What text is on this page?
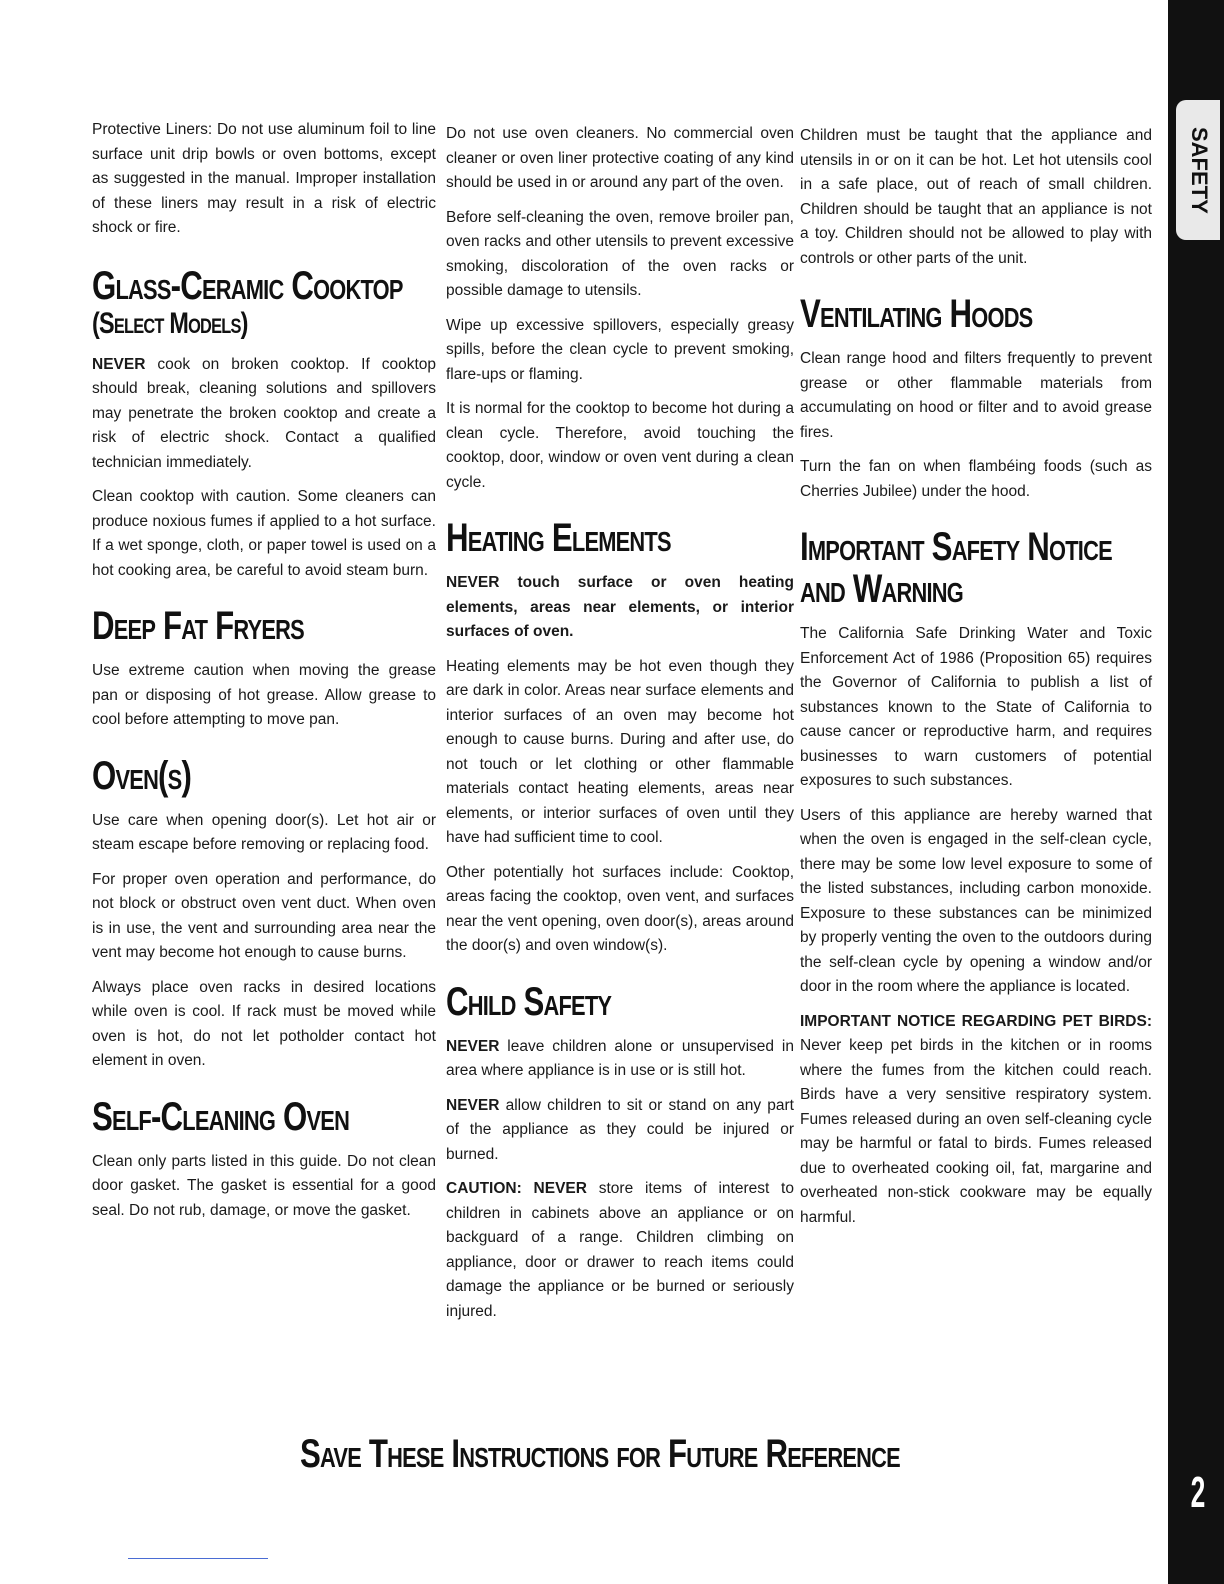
SAFETY
2

Protective Liners: Do not use aluminum foil to line surface unit drip bowls or oven bottoms, except as suggested in the manual. Improper installation of these liners may result in a risk of electric shock or fire.

Glass-Ceramic Cooktop
(Select Models)

NEVER cook on broken cooktop. If cooktop should break, cleaning solutions and spillovers may penetrate the broken cooktop and create a risk of electric shock. Contact a qualified technician immediately.

Clean cooktop with caution. Some cleaners can produce noxious fumes if applied to a hot surface. If a wet sponge, cloth, or paper towel is used on a hot cooking area, be careful to avoid steam burn.

Deep Fat Fryers

Use extreme caution when moving the grease pan or disposing of hot grease. Allow grease to cool before attempting to move pan.

Oven(s)

Use care when opening door(s). Let hot air or steam escape before removing or replacing food.

For proper oven operation and performance, do not block or obstruct oven vent duct. When oven is in use, the vent and surrounding area near the vent may become hot enough to cause burns.

Always place oven racks in desired locations while oven is cool. If rack must be moved while oven is hot, do not let potholder contact hot element in oven.

Self-Cleaning Oven

Clean only parts listed in this guide. Do not clean door gasket. The gasket is essential for a good seal. Do not rub, damage, or move the gasket.

Do not use oven cleaners. No commercial oven cleaner or oven liner protective coating of any kind should be used in or around any part of the oven.

Before self-cleaning the oven, remove broiler pan, oven racks and other utensils to prevent excessive smoking, discoloration of the oven racks or possible damage to utensils.

Wipe up excessive spillovers, especially greasy spills, before the clean cycle to prevent smoking, flare-ups or flaming.

It is normal for the cooktop to become hot during a clean cycle. Therefore, avoid touching the cooktop, door, window or oven vent during a clean cycle.

Heating Elements

NEVER touch surface or oven heating elements, areas near elements, or interior surfaces of oven.

Heating elements may be hot even though they are dark in color. Areas near surface elements and interior surfaces of an oven may become hot enough to cause burns. During and after use, do not touch or let clothing or other flammable materials contact heating elements, areas near elements, or interior surfaces of oven until they have had sufficient time to cool.

Other potentially hot surfaces include: Cooktop, areas facing the cooktop, oven vent, and surfaces near the vent opening, oven door(s), areas around the door(s) and oven window(s).

Child Safety

NEVER leave children alone or unsupervised in area where appliance is in use or is still hot.

NEVER allow children to sit or stand on any part of the appliance as they could be injured or burned.

CAUTION: NEVER store items of interest to children in cabinets above an appliance or on backguard of a range. Children climbing on appliance, door or drawer to reach items could damage the appliance or be burned or seriously injured.

Children must be taught that the appliance and utensils in or on it can be hot. Let hot utensils cool in a safe place, out of reach of small children. Children should be taught that an appliance is not a toy. Children should not be allowed to play with controls or other parts of the unit.

Ventilating Hoods

Clean range hood and filters frequently to prevent grease or other flammable materials from accumulating on hood or filter and to avoid grease fires.

Turn the fan on when flambéing foods (such as Cherries Jubilee) under the hood.

Important Safety Notice
and Warning

The California Safe Drinking Water and Toxic Enforcement Act of 1986 (Proposition 65) requires the Governor of California to publish a list of substances known to the State of California to cause cancer or reproductive harm, and requires businesses to warn customers of potential exposures to such substances.

Users of this appliance are hereby warned that when the oven is engaged in the self-clean cycle, there may be some low level exposure to some of the listed substances, including carbon monoxide. Exposure to these substances can be minimized by properly venting the oven to the outdoors during the self-clean cycle by opening a window and/or door in the room where the appliance is located.

IMPORTANT NOTICE REGARDING PET BIRDS: Never keep pet birds in the kitchen or in rooms where the fumes from the kitchen could reach. Birds have a very sensitive respiratory system. Fumes released during an oven self-cleaning cycle may be harmful or fatal to birds. Fumes released due to overheated cooking oil, fat, margarine and overheated non-stick cookware may be equally harmful.

Save These Instructions for Future Reference
